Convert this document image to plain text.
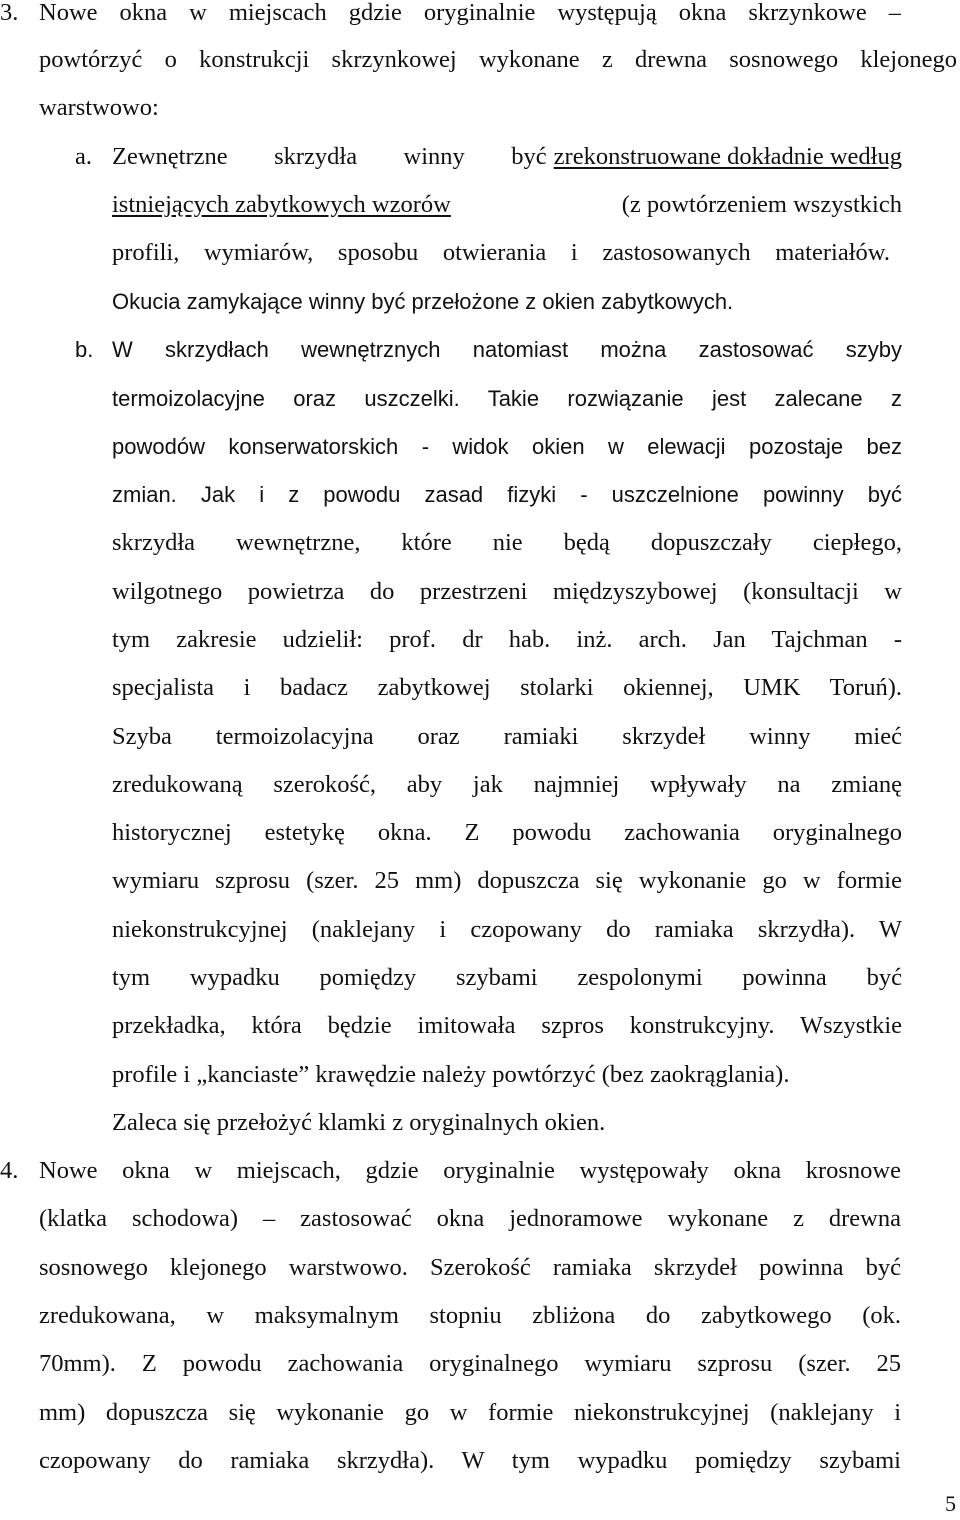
3. Nowe okna w miejscach gdzie oryginalnie występują okna skrzynkowe –
powtórzyć o konstrukcji skrzynkowej wykonane z drewna sosnowego klejonego
warstwowo:
a. Zewnętrzne skrzydła winny być zrekonstruowane dokładnie według
istniejących zabytkowych wzorów	(z powtórzeniem wszystkich
profili, wymiarów, sposobu otwierania i zastosowanych materiałów.
Okucia zamykające winny być przełożone z okien zabytkowych.
b. W skrzydłach wewnętrznych natomiast można zastosować szyby
termoizolacyjne oraz uszczelki. Takie rozwiązanie jest zalecane z
powodów konserwatorskich - widok okien w elewacji pozostaje bez
zmian. Jak i z powodu zasad fizyki - uszczelnione powinny być
skrzydła wewnętrzne, które nie będą dopuszczały ciepłego,
wilgotnego powietrza do przestrzeni międzyszybowej (konsultacji w
tym zakresie udzielił: prof. dr hab. inż. arch. Jan Tajchman -
specjalista i badacz zabytkowej stolarki okiennej, UMK Toruń).
Szyba termoizolacyjna oraz ramiaki skrzydeł winny mieć
zredukowaną szerokość, aby jak najmniej wpływały na zmianę
historycznej estetykę okna. Z powodu zachowania oryginalnego
wymiaru szprosu (szer. 25 mm) dopuszcza się wykonanie go w formie
niekonstrukcyjnej (naklejany i czopowany do ramiaka skrzydła). W
tym wypadku pomiędzy szybami zespolonymi powinna być
przekładka, która będzie imitowała szpros konstrukcyjny. Wszystkie
profile i „kanciaste” krawędzie należy powtórzyć (bez zaokrąglania).
Zaleca się przełożyć klamki z oryginalnych okien.
4. Nowe okna w miejscach, gdzie oryginalnie występowały okna krosnowe
(klatka schodowa) – zastosować okna jednoramowe wykonane z drewna
sosnowego klejonego warstwowo. Szerokość ramiaka skrzydeł powinna być
zredukowana, w maksymalnym stopniu zbliżona do zabytkowego (ok.
70mm). Z powodu zachowania oryginalnego wymiaru szprosu (szer. 25
mm) dopuszcza się wykonanie go w formie niekonstrukcyjnej (naklejany i
czopowany do ramiaka skrzydła). W tym wypadku pomiędzy szybami
5
